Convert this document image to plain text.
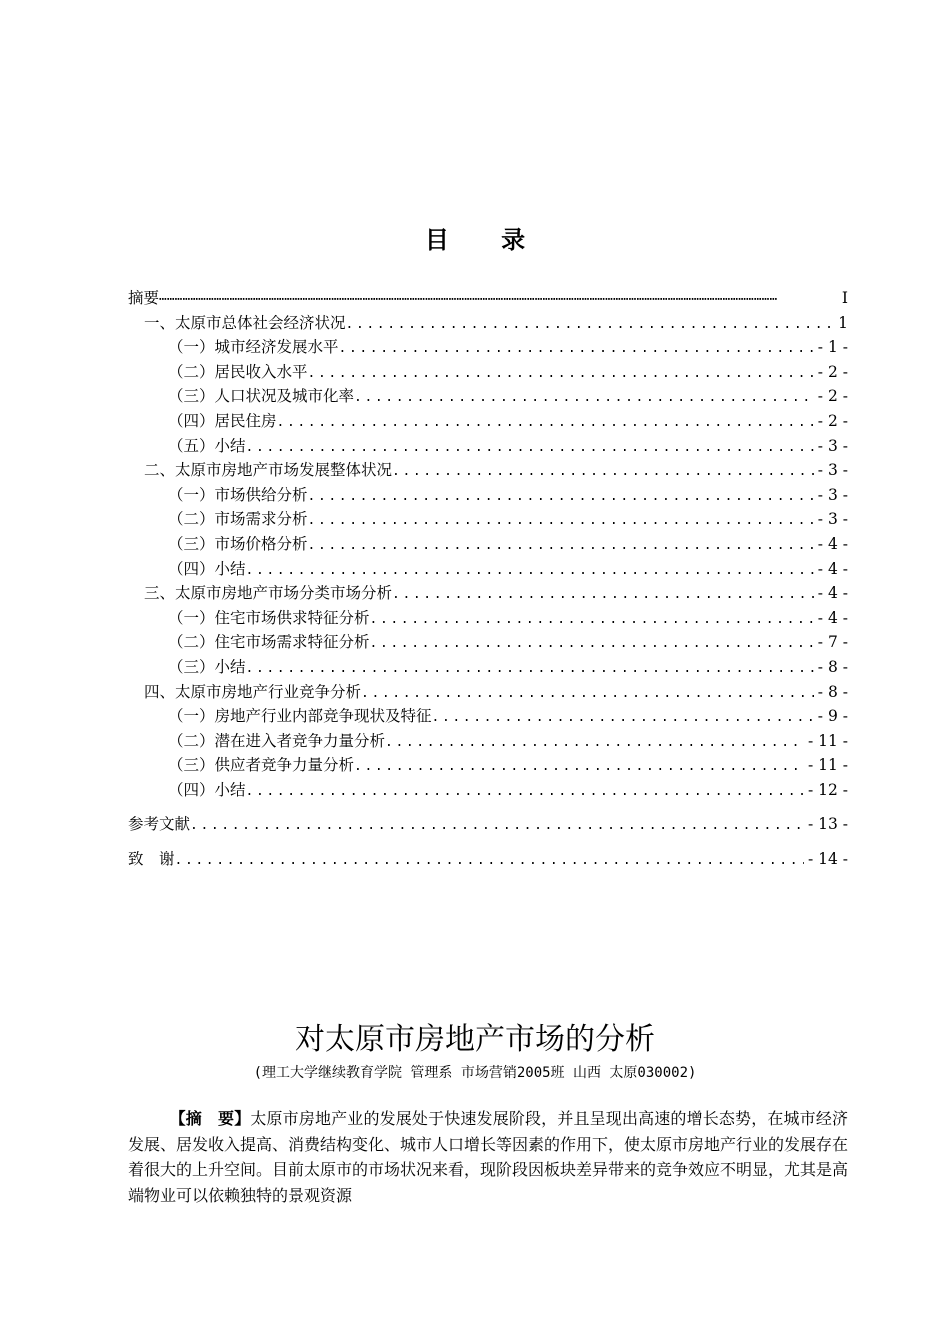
目 录
摘要 ⋯⋯⋯⋯⋯⋯⋯⋯⋯⋯⋯⋯⋯⋯⋯⋯⋯⋯⋯⋯⋯⋯⋯⋯⋯⋯⋯⋯⋯⋯⋯⋯⋯⋯⋯⋯⋯⋯⋯⋯⋯⋯⋯⋯⋯⋯⋯⋯⋯⋯⋯⋯⋯⋯⋯⋯⋯⋯⋯⋯⋯⋯⋯⋯⋯⋯⋯⋯⋯⋯⋯⋯⋯⋯⋯⋯⋯⋯⋯	I
一、太原市总体社会经济状况 .....	1
（一）城市经济发展水平 .....	- 1 -
（二）居民收入水平 .....	- 2 -
（三）人口状况及城市化率 .....	- 2 -
（四）居民住房 .....	- 2 -
（五）小结 .....	- 3 -
二、太原市房地产市场发展整体状况 .....	- 3 -
（一）市场供给分析 .....	- 3 -
（二）市场需求分析 .....	- 3 -
（三）市场价格分析 .....	- 4 -
（四）小结 .....	- 4 -
三、太原市房地产市场分类市场分析 .....	- 4 -
（一）住宅市场供求特征分析 .....	- 4 -
（二）住宅市场需求特征分析 .....	- 7 -
（三）小结 .....	- 8 -
四、太原市房地产行业竞争分析 .....	- 8 -
（一）房地产行业内部竞争现状及特征 .....	- 9 -
（二）潜在进入者竞争力量分析 .....	- 11 -
（三）供应者竞争力量分析 .....	- 11 -
（四）小结 .....	- 12 -
参考文献 .....	- 13 -
致　谢 .....	- 14 -
对太原市房地产市场的分析
(理工大学继续教育学院 管理系 市场营销2005班 山西 太原030002)
【摘　要】太原市房地产业的发展处于快速发展阶段，并且呈现出高速的增长态势，在城市经济发展、居发收入提高、消费结构变化、城市人口增长等因素的作用下，使太原市房地产行业的发展存在着很大的上升空间。目前太原市的市场状况来看，现阶段因板块差异带来的竞争效应不明显，尤其是高端物业可以依赖独特的景观资源
